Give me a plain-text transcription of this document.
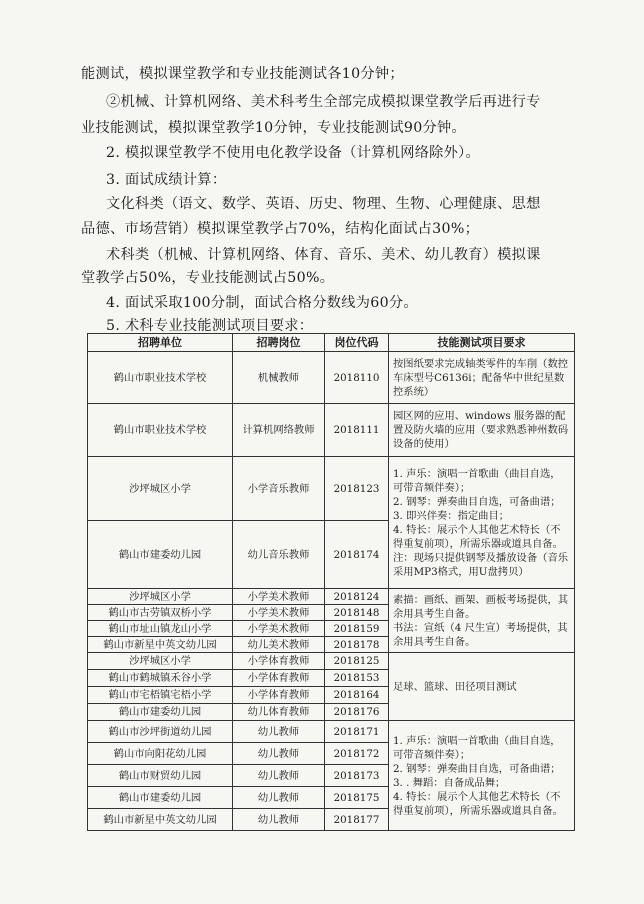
能测试，模拟课堂教学和专业技能测试各10分钟；
②机械、计算机网络、美术科考生全部完成模拟课堂教学后再进行专
业技能测试，模拟课堂教学10分钟，专业技能测试90分钟。
2. 模拟课堂教学不使用电化教学设备（计算机网络除外）。
3. 面试成绩计算：
文化科类（语文、数学、英语、历史、物理、生物、心理健康、思想
品德、市场营销）模拟课堂教学占70%，结构化面试占30%；
术科类（机械、计算机网络、体育、音乐、美术、幼儿教育）模拟课
堂教学占50%，专业技能测试占50%。
4. 面试采取100分制，面试合格分数线为60分。
5. 术科专业技能测试项目要求：
招聘单位	招聘岗位	岗位代码	技能测试项目要求
鹤山市职业技术学校	机械教师	2018110	按图纸要求完成轴类零件的车削（数控车床型号C6136i；配备华中世纪星数控系统）

鹤山市职业技术学校	计算机网络教师	2018111	园区网的应用、windows 服务器的配置及防火墙的应用（要求熟悉神州数码设备的使用）

沙坪城区小学	小学音乐教师	2018123	1. 声乐：演唱一首歌曲（曲目自选，可带音频伴奏）；
2. 钢琴：弹奏曲目自选，可备曲谱；
3. 即兴伴奏：指定曲目；
4. 特长：展示个人其他艺术特长（不得重复前项），所需乐器或道具自备。
注：现场只提供钢琴及播放设备（音乐采用MP3格式，用U盘拷贝）

鹤山市建委幼儿园	幼儿音乐教师	2018174	
沙坪城区小学	小学美术教师	2018124	素描：画纸、画架、画板考场提供，其余用具考生自备。
书法：宣纸（4 尺生宣）考场提供，其余用具考生自备。

鹤山市古劳镇双桥小学	小学美术教师	2018148	
鹤山市址山镇龙山小学	小学美术教师	2018159	
鹤山市新星中英文幼儿园	幼儿美术教师	2018178	
沙坪城区小学	小学体育教师	2018125	足球、篮球、田径项目测试

鹤山市鹤城镇禾谷小学	小学体育教师	2018153	
鹤山市宅梧镇宅梧小学	小学体育教师	2018164	
鹤山市建委幼儿园	幼儿体育教师	2018176	
鹤山市沙坪街道幼儿园	幼儿教师	2018171	1. 声乐：演唱一首歌曲（曲目自选，可带音频伴奏）；
2. 钢琴：弹奏曲目自选，可备曲谱；
3. . 舞蹈：自备成品舞；
4. 特长：展示个人其他艺术特长（不得重复前项），所需乐器或道具自备。

鹤山市向阳花幼儿园	幼儿教师	2018172	
鹤山市财贸幼儿园	幼儿教师	2018173	
鹤山市建委幼儿园	幼儿教师	2018175	
鹤山市新星中英文幼儿园	幼儿教师	2018177	
